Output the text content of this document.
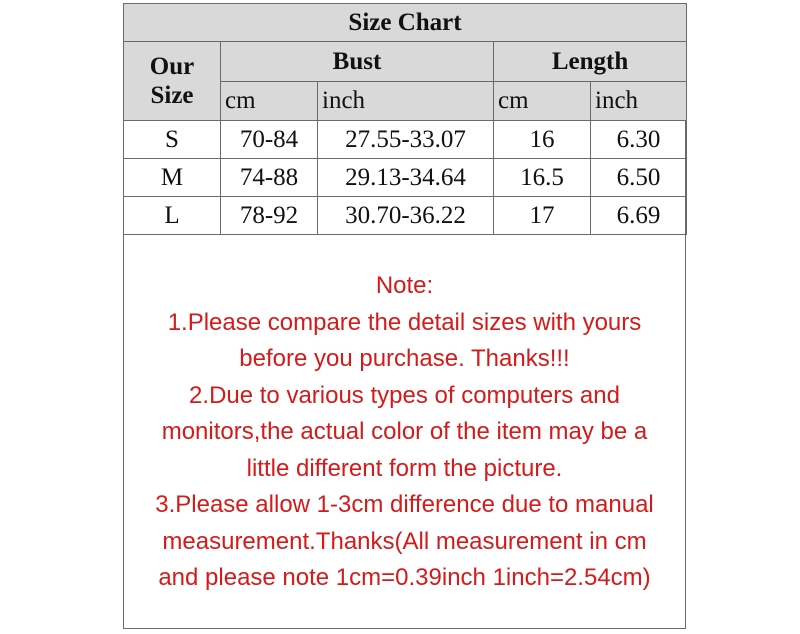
Size Chart				
Our	Bust		Length	
Size	cm	inch	cm	inch
S	70-84	27.55-33.07	16	6.30
M	74-88	29.13-34.64	16.5	6.50
L	78-92	30.70-36.22	17	6.69
Note:
1.Please compare the detail sizes with yours
before you purchase. Thanks!!!
2.Due to various types of computers and
monitors,the actual color of the item may be a
little different form the picture.
3.Please allow 1-3cm difference due to manual
measurement.Thanks(All measurement in cm
and please note 1cm=0.39inch 1inch=2.54cm)
